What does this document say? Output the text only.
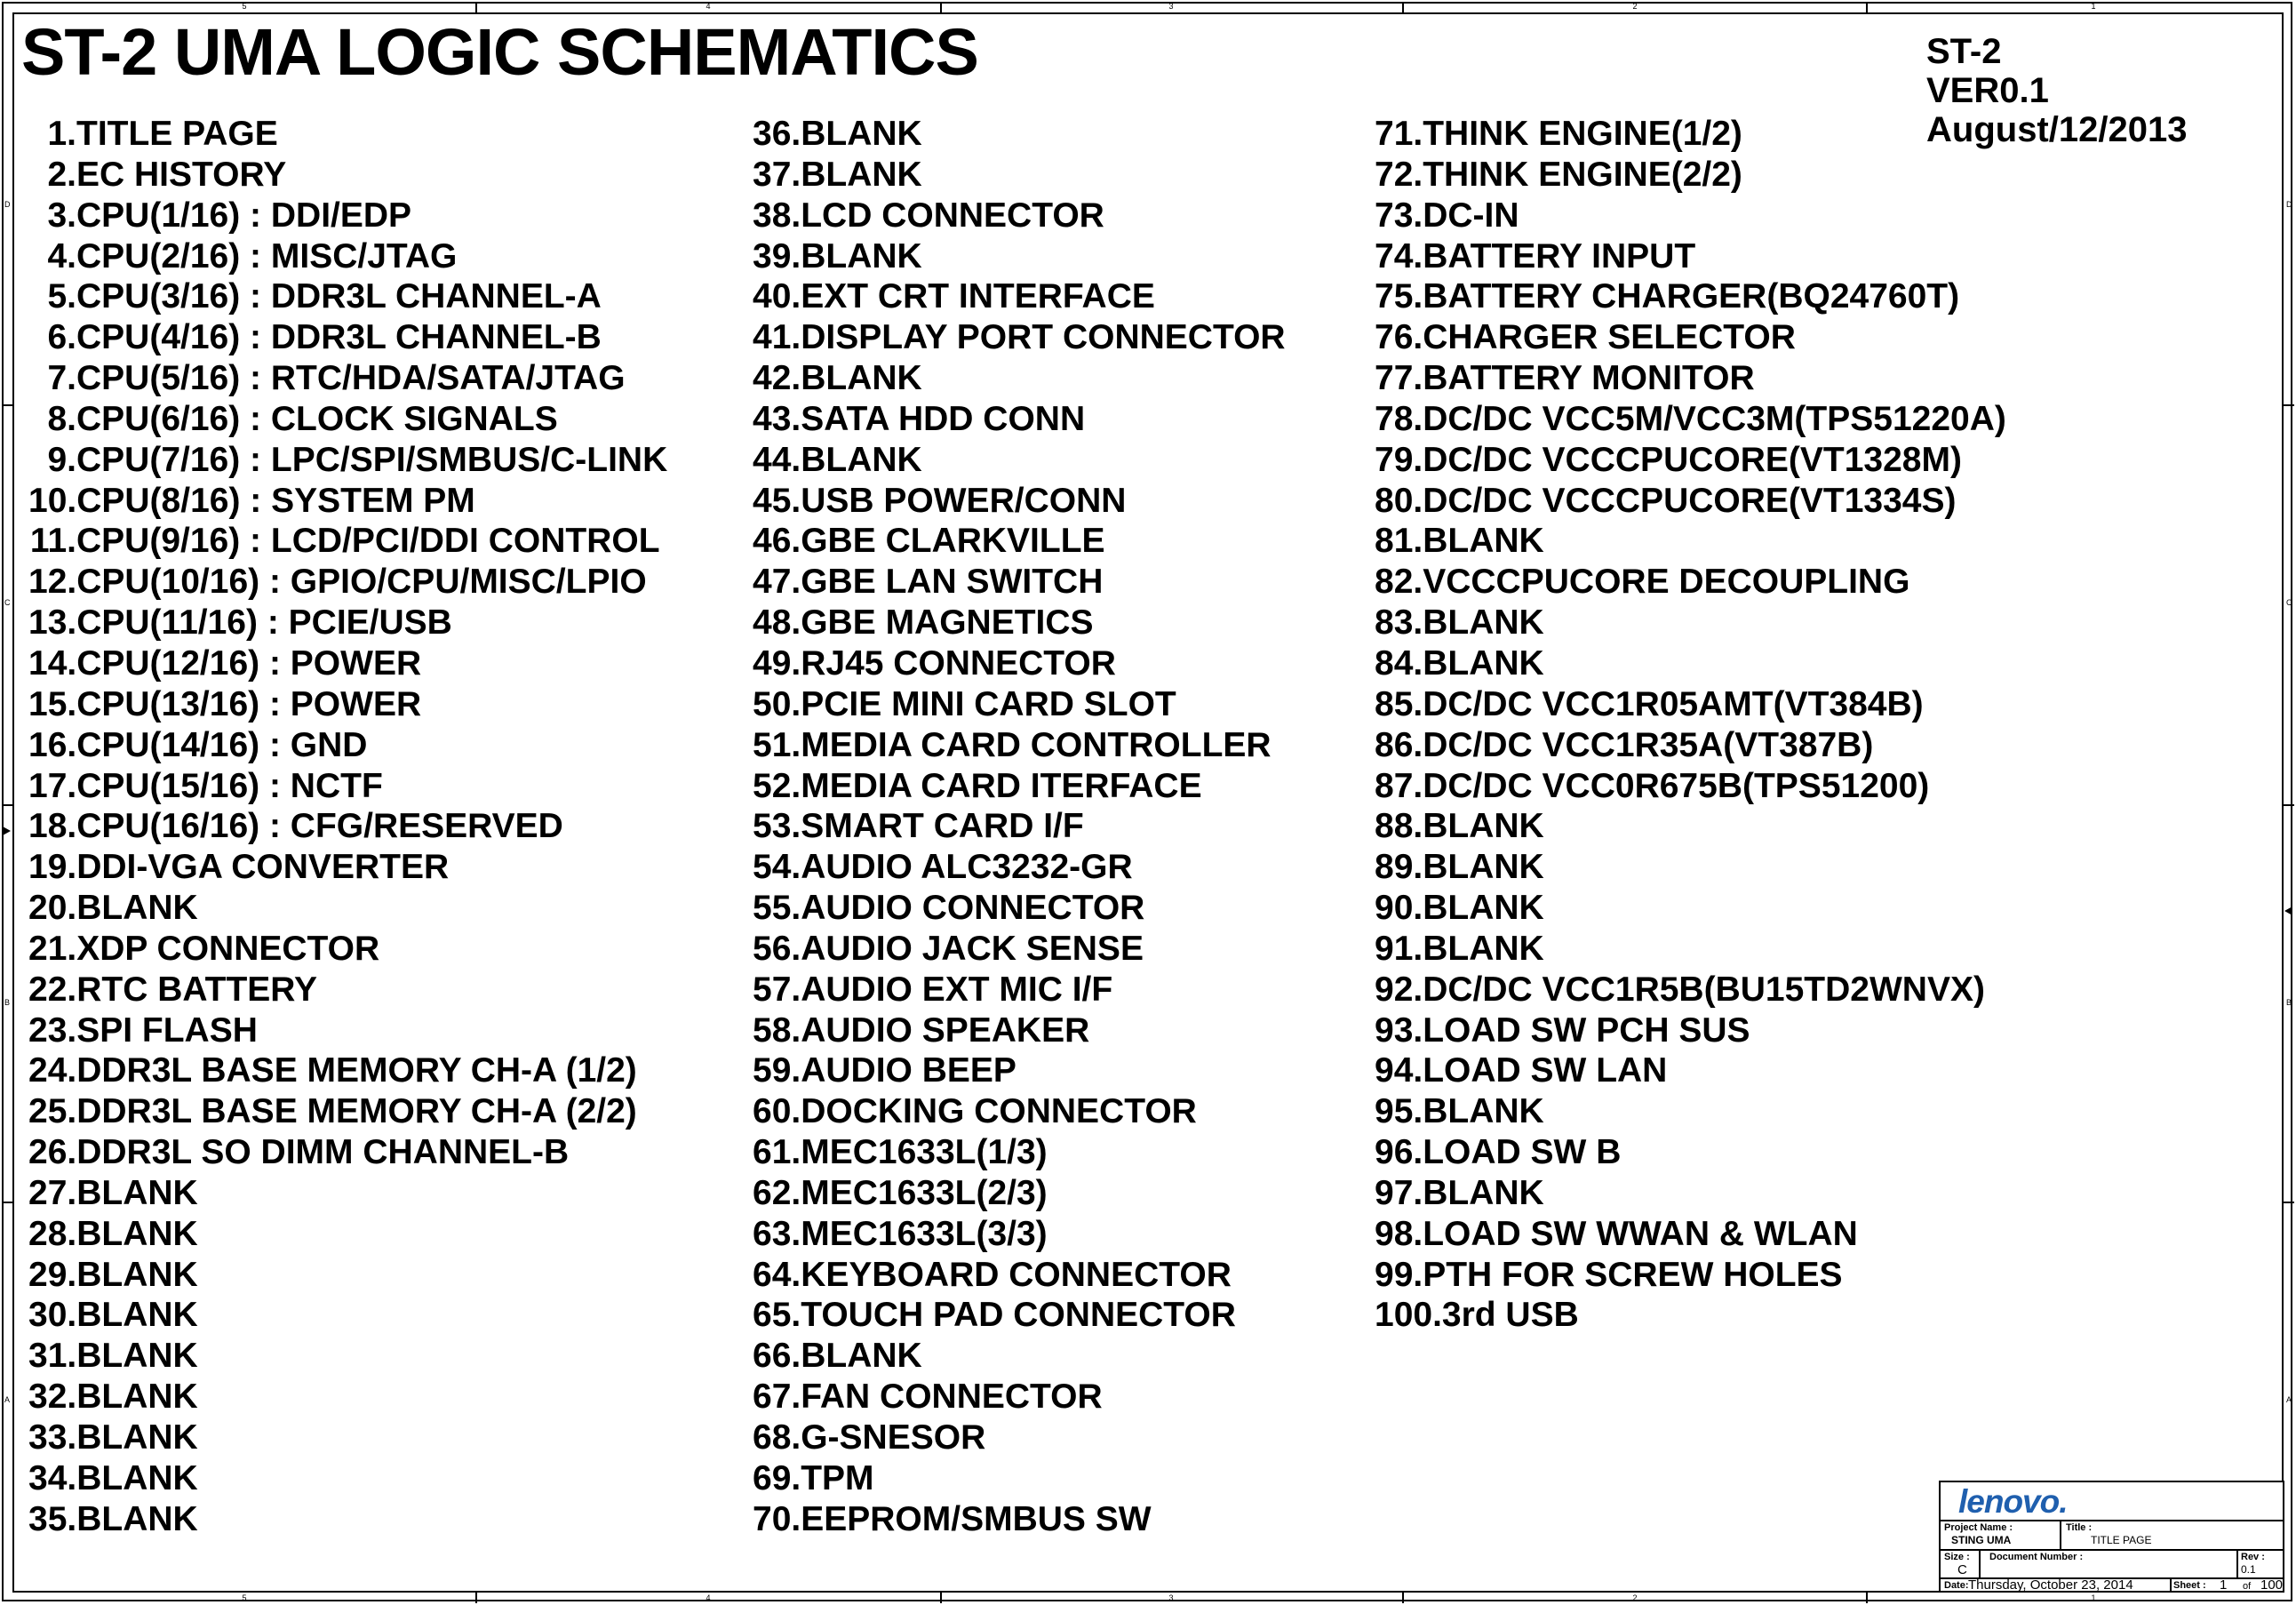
5	4	3	2	1
5	4	3	2	1
D
C
B
A
D
C
B
A
ST-2 UMA LOGIC SCHEMATICS	ST-2
VER0.1
August/12/2013
1.TITLE PAGE
2.EC HISTORY
3.CPU(1/16) : DDI/EDP
4.CPU(2/16) : MISC/JTAG
5.CPU(3/16) : DDR3L CHANNEL-A
6.CPU(4/16) : DDR3L CHANNEL-B
7.CPU(5/16) : RTC/HDA/SATA/JTAG
8.CPU(6/16) : CLOCK SIGNALS
9.CPU(7/16) : LPC/SPI/SMBUS/C-LINK
10.CPU(8/16) : SYSTEM PM
11.CPU(9/16) : LCD/PCI/DDI CONTROL
12.CPU(10/16) : GPIO/CPU/MISC/LPIO
13.CPU(11/16) : PCIE/USB
14.CPU(12/16) : POWER
15.CPU(13/16) : POWER
16.CPU(14/16) : GND
17.CPU(15/16) : NCTF
18.CPU(16/16) : CFG/RESERVED
19.DDI-VGA CONVERTER
20.BLANK
21.XDP CONNECTOR
22.RTC BATTERY
23.SPI FLASH
24.DDR3L BASE MEMORY CH-A (1/2)
25.DDR3L BASE MEMORY CH-A (2/2)
26.DDR3L SO DIMM CHANNEL-B
27.BLANK
28.BLANK
29.BLANK
30.BLANK
31.BLANK
32.BLANK
33.BLANK
34.BLANK
35.BLANK
36.BLANK
37.BLANK
38.LCD CONNECTOR
39.BLANK
40.EXT CRT INTERFACE
41.DISPLAY PORT CONNECTOR
42.BLANK
43.SATA HDD CONN
44.BLANK
45.USB POWER/CONN
46.GBE CLARKVILLE
47.GBE LAN SWITCH
48.GBE MAGNETICS
49.RJ45 CONNECTOR
50.PCIE MINI CARD SLOT
51.MEDIA CARD CONTROLLER
52.MEDIA CARD ITERFACE
53.SMART CARD I/F
54.AUDIO ALC3232-GR
55.AUDIO CONNECTOR
56.AUDIO JACK SENSE
57.AUDIO EXT MIC I/F
58.AUDIO SPEAKER
59.AUDIO BEEP
60.DOCKING CONNECTOR
61.MEC1633L(1/3)
62.MEC1633L(2/3)
63.MEC1633L(3/3)
64.KEYBOARD CONNECTOR
65.TOUCH PAD CONNECTOR
66.BLANK
67.FAN CONNECTOR
68.G-SNESOR
69.TPM
70.EEPROM/SMBUS SW
71.THINK ENGINE(1/2)
72.THINK ENGINE(2/2)
73.DC-IN
74.BATTERY INPUT
75.BATTERY CHARGER(BQ24760T)
76.CHARGER SELECTOR
77.BATTERY MONITOR
78.DC/DC VCC5M/VCC3M(TPS51220A)
79.DC/DC VCCCPUCORE(VT1328M)
80.DC/DC VCCCPUCORE(VT1334S)
81.BLANK
82.VCCCPUCORE DECOUPLING
83.BLANK
84.BLANK
85.DC/DC VCC1R05AMT(VT384B)
86.DC/DC VCC1R35A(VT387B)
87.DC/DC VCC0R675B(TPS51200)
88.BLANK
89.BLANK
90.BLANK
91.BLANK
92.DC/DC VCC1R5B(BU15TD2WNVX)
93.LOAD SW PCH SUS
94.LOAD SW LAN
95.BLANK
96.LOAD SW B
97.BLANK
98.LOAD SW WWAN & WLAN
99.PTH FOR SCREW HOLES
100.3rd USB
lenovo.
Project Name :
STING UMA
Title :
TITLE PAGE
Size :
C
Document Number :	Rev :
0.1
Date: Thursday, October 23, 2014	Sheet : 1 of 100
